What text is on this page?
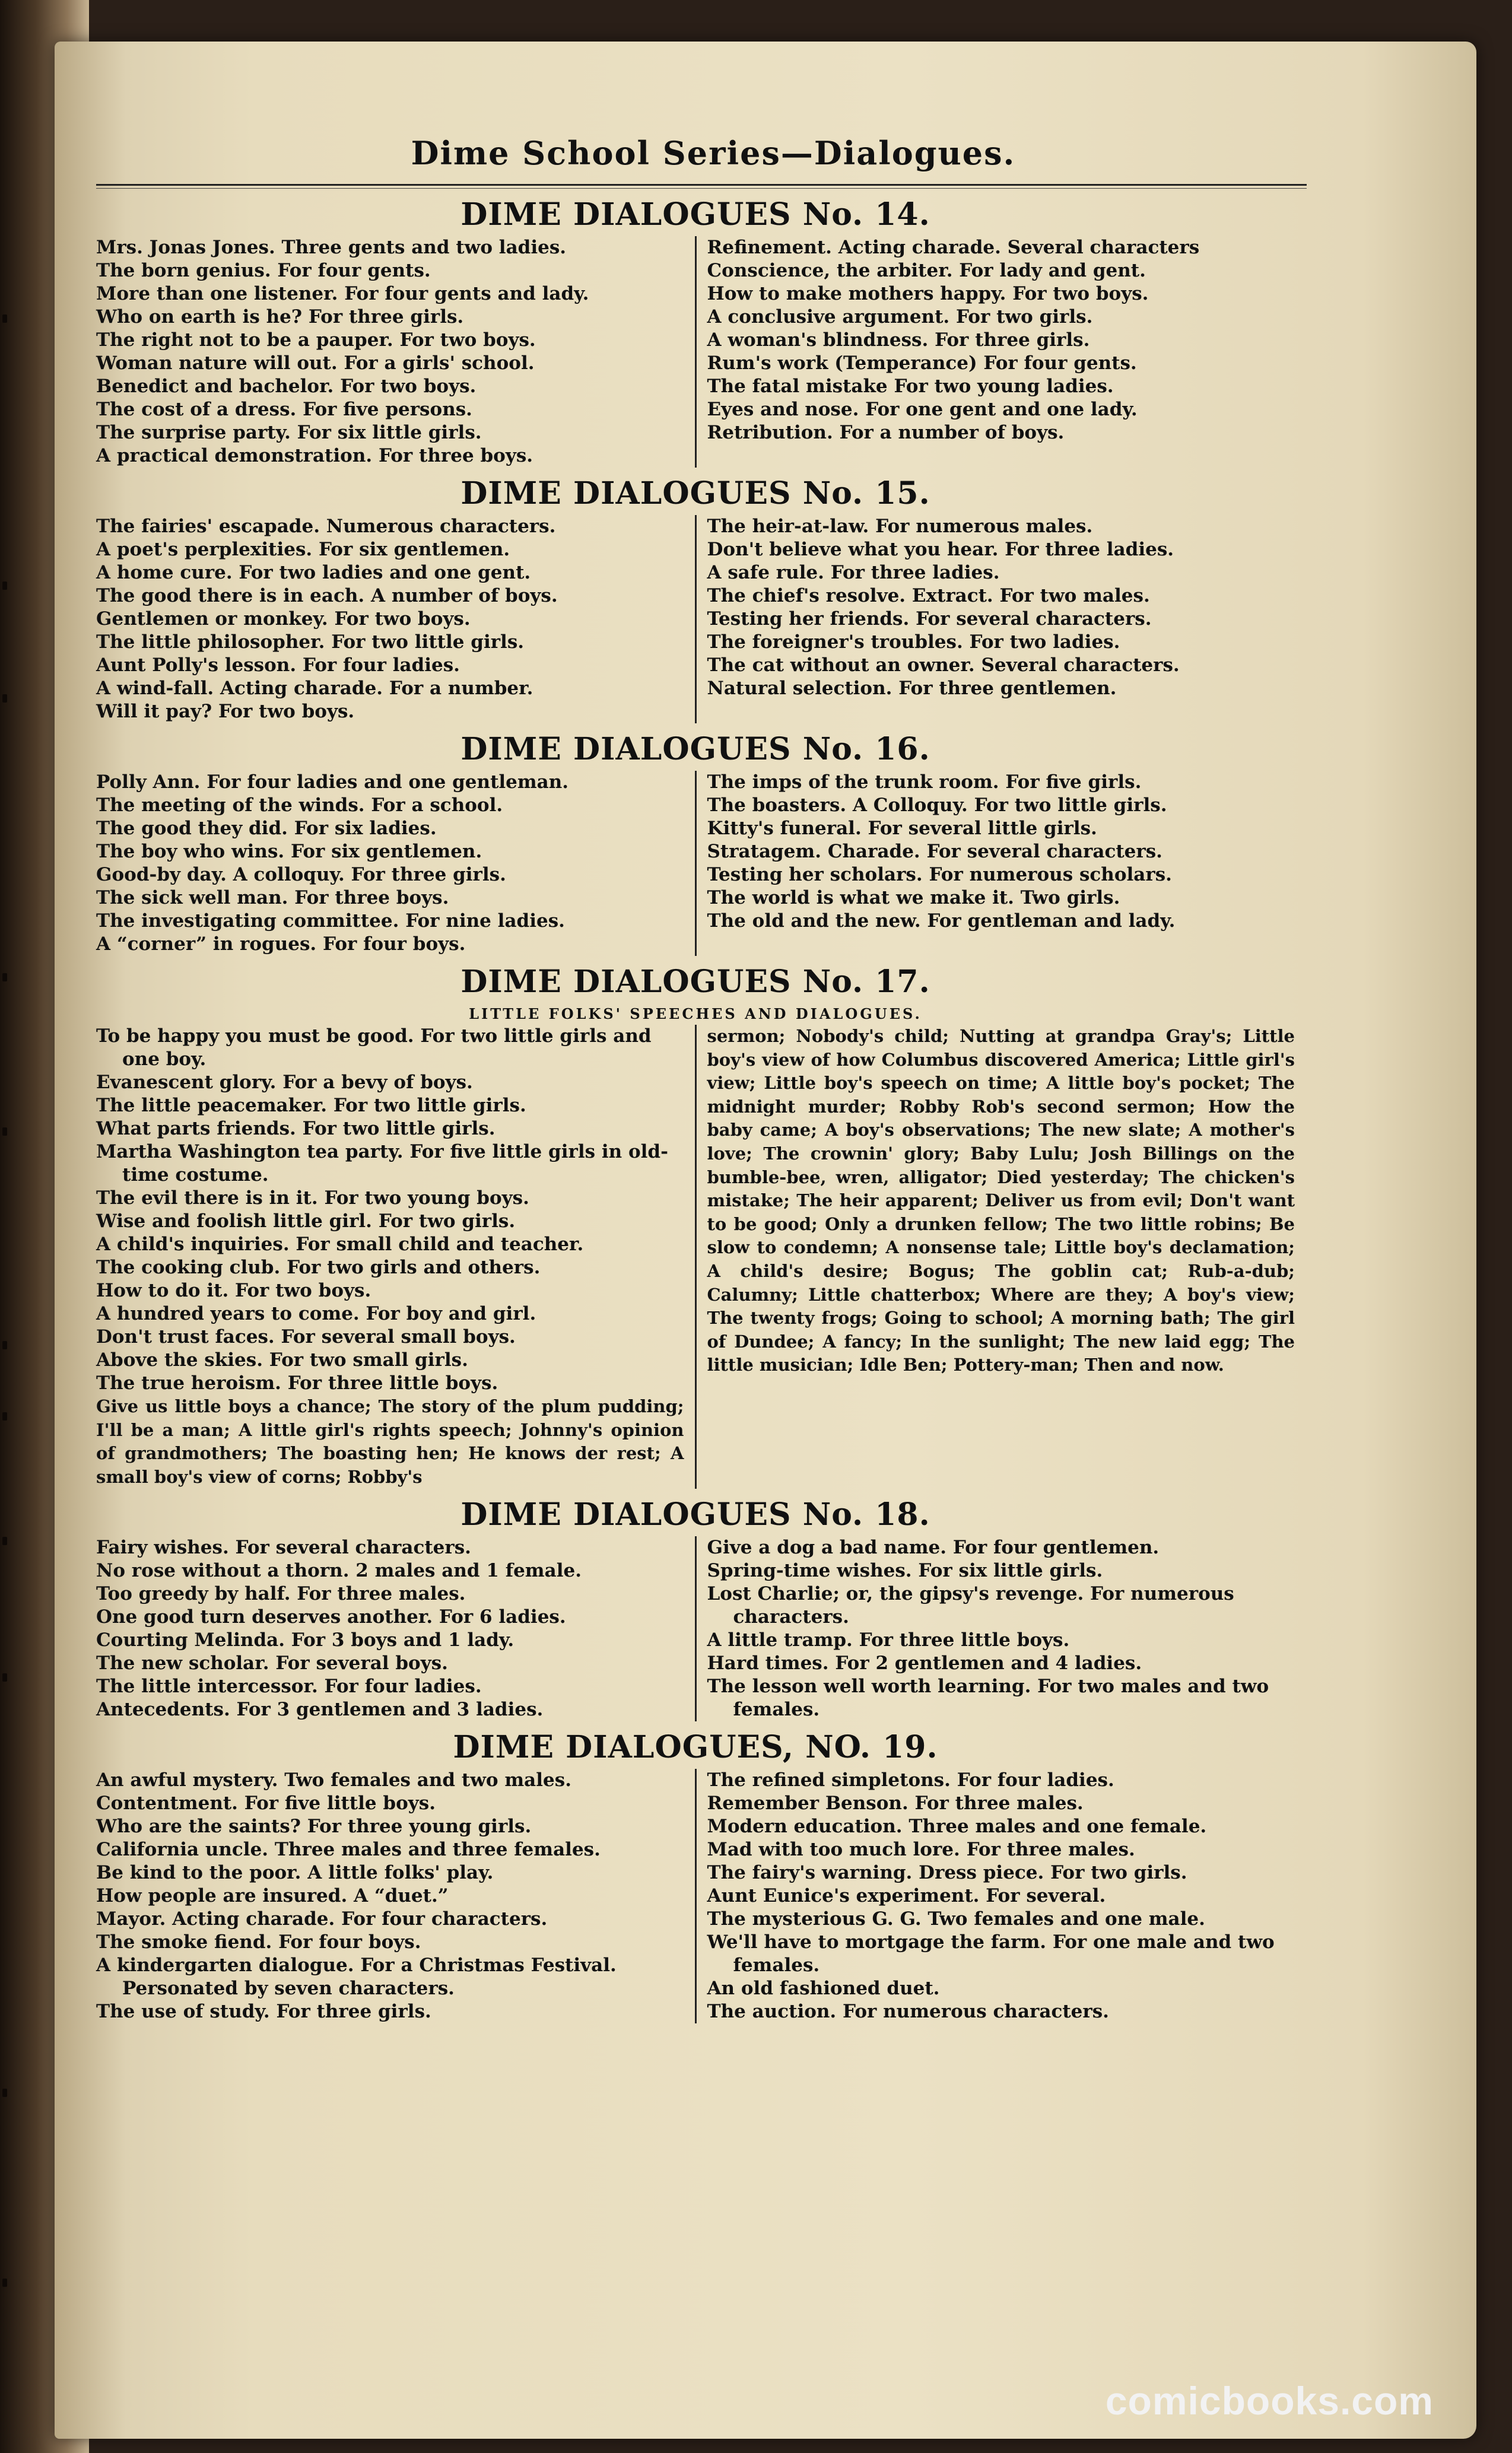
Dime School Series—Dialogues.
DIME DIALOGUES No. 14.
Mrs. Jonas Jones. Three gents and two ladies.
The born genius. For four gents.
More than one listener. For four gents and lady.
Who on earth is he? For three girls.
The right not to be a pauper. For two boys.
Woman nature will out. For a girls' school.
Benedict and bachelor. For two boys.
The cost of a dress. For five persons.
The surprise party. For six little girls.
A practical demonstration. For three boys.
Refinement. Acting charade. Several characters
Conscience, the arbiter. For lady and gent.
How to make mothers happy. For two boys.
A conclusive argument. For two girls.
A woman's blindness. For three girls.
Rum's work (Temperance) For four gents.
The fatal mistake For two young ladies.
Eyes and nose. For one gent and one lady.
Retribution. For a number of boys.
DIME DIALOGUES No. 15.
The fairies' escapade. Numerous characters.
A poet's perplexities. For six gentlemen.
A home cure. For two ladies and one gent.
The good there is in each. A number of boys.
Gentlemen or monkey. For two boys.
The little philosopher. For two little girls.
Aunt Polly's lesson. For four ladies.
A wind-fall. Acting charade. For a number.
Will it pay? For two boys.
The heir-at-law. For numerous males.
Don't believe what you hear. For three ladies.
A safe rule. For three ladies.
The chief's resolve. Extract. For two males.
Testing her friends. For several characters.
The foreigner's troubles. For two ladies.
The cat without an owner. Several characters.
Natural selection. For three gentlemen.
DIME DIALOGUES No. 16.
Polly Ann. For four ladies and one gentleman.
The meeting of the winds. For a school.
The good they did. For six ladies.
The boy who wins. For six gentlemen.
Good-by day. A colloquy. For three girls.
The sick well man. For three boys.
The investigating committee. For nine ladies.
A “corner” in rogues. For four boys.
The imps of the trunk room. For five girls.
The boasters. A Colloquy. For two little girls.
Kitty's funeral. For several little girls.
Stratagem. Charade. For several characters.
Testing her scholars. For numerous scholars.
The world is what we make it. Two girls.
The old and the new. For gentleman and lady.
DIME DIALOGUES No. 17.
LITTLE FOLKS' SPEECHES AND DIALOGUES.
To be happy you must be good. For two little girls and one boy.
Evanescent glory. For a bevy of boys.
The little peacemaker. For two little girls.
What parts friends. For two little girls.
Martha Washington tea party. For five little girls in old-time costume.
The evil there is in it. For two young boys.
Wise and foolish little girl. For two girls.
A child's inquiries. For small child and teacher.
The cooking club. For two girls and others.
How to do it. For two boys.
A hundred years to come. For boy and girl.
Don't trust faces. For several small boys.
Above the skies. For two small girls.
The true heroism. For three little boys.
Give us little boys a chance; The story of the plum pudding; I'll be a man; A little girl's rights speech; Johnny's opinion of grandmothers; The boasting hen; He knows der rest; A small boy's view of corns; Robby's
sermon; Nobody's child; Nutting at grandpa Gray's; Little boy's view of how Columbus discovered America; Little girl's view; Little boy's speech on time; A little boy's pocket; The midnight murder; Robby Rob's second sermon; How the baby came; A boy's observations; The new slate; A mother's love; The crownin' glory; Baby Lulu; Josh Billings on the bumble-bee, wren, alligator; Died yesterday; The chicken's mistake; The heir apparent; Deliver us from evil; Don't want to be good; Only a drunken fellow; The two little robins; Be slow to condemn; A nonsense tale; Little boy's declamation; A child's desire; Bogus; The goblin cat; Rub-a-dub; Calumny; Little chatterbox; Where are they; A boy's view; The twenty frogs; Going to school; A morning bath; The girl of Dundee; A fancy; In the sunlight; The new laid egg; The little musician; Idle Ben; Pottery-man; Then and now.
DIME DIALOGUES No. 18.
Fairy wishes. For several characters.
No rose without a thorn. 2 males and 1 female.
Too greedy by half. For three males.
One good turn deserves another. For 6 ladies.
Courting Melinda. For 3 boys and 1 lady.
The new scholar. For several boys.
The little intercessor. For four ladies.
Antecedents. For 3 gentlemen and 3 ladies.
Give a dog a bad name. For four gentlemen.
Spring-time wishes. For six little girls.
Lost Charlie; or, the gipsy's revenge. For numerous characters.
A little tramp. For three little boys.
Hard times. For 2 gentlemen and 4 ladies.
The lesson well worth learning. For two males and two females.
DIME DIALOGUES, NO. 19.
An awful mystery. Two females and two males.
Contentment. For five little boys.
Who are the saints? For three young girls.
California uncle. Three males and three females.
Be kind to the poor. A little folks' play.
How people are insured. A “duet.”
Mayor. Acting charade. For four characters.
The smoke fiend. For four boys.
A kindergarten dialogue. For a Christmas Festival. Personated by seven characters.
The use of study. For three girls.
The refined simpletons. For four ladies.
Remember Benson. For three males.
Modern education. Three males and one female.
Mad with too much lore. For three males.
The fairy's warning. Dress piece. For two girls.
Aunt Eunice's experiment. For several.
The mysterious G. G. Two females and one male.
We'll have to mortgage the farm. For one male and two females.
An old fashioned duet.
The auction. For numerous characters.
comicbooks.com
